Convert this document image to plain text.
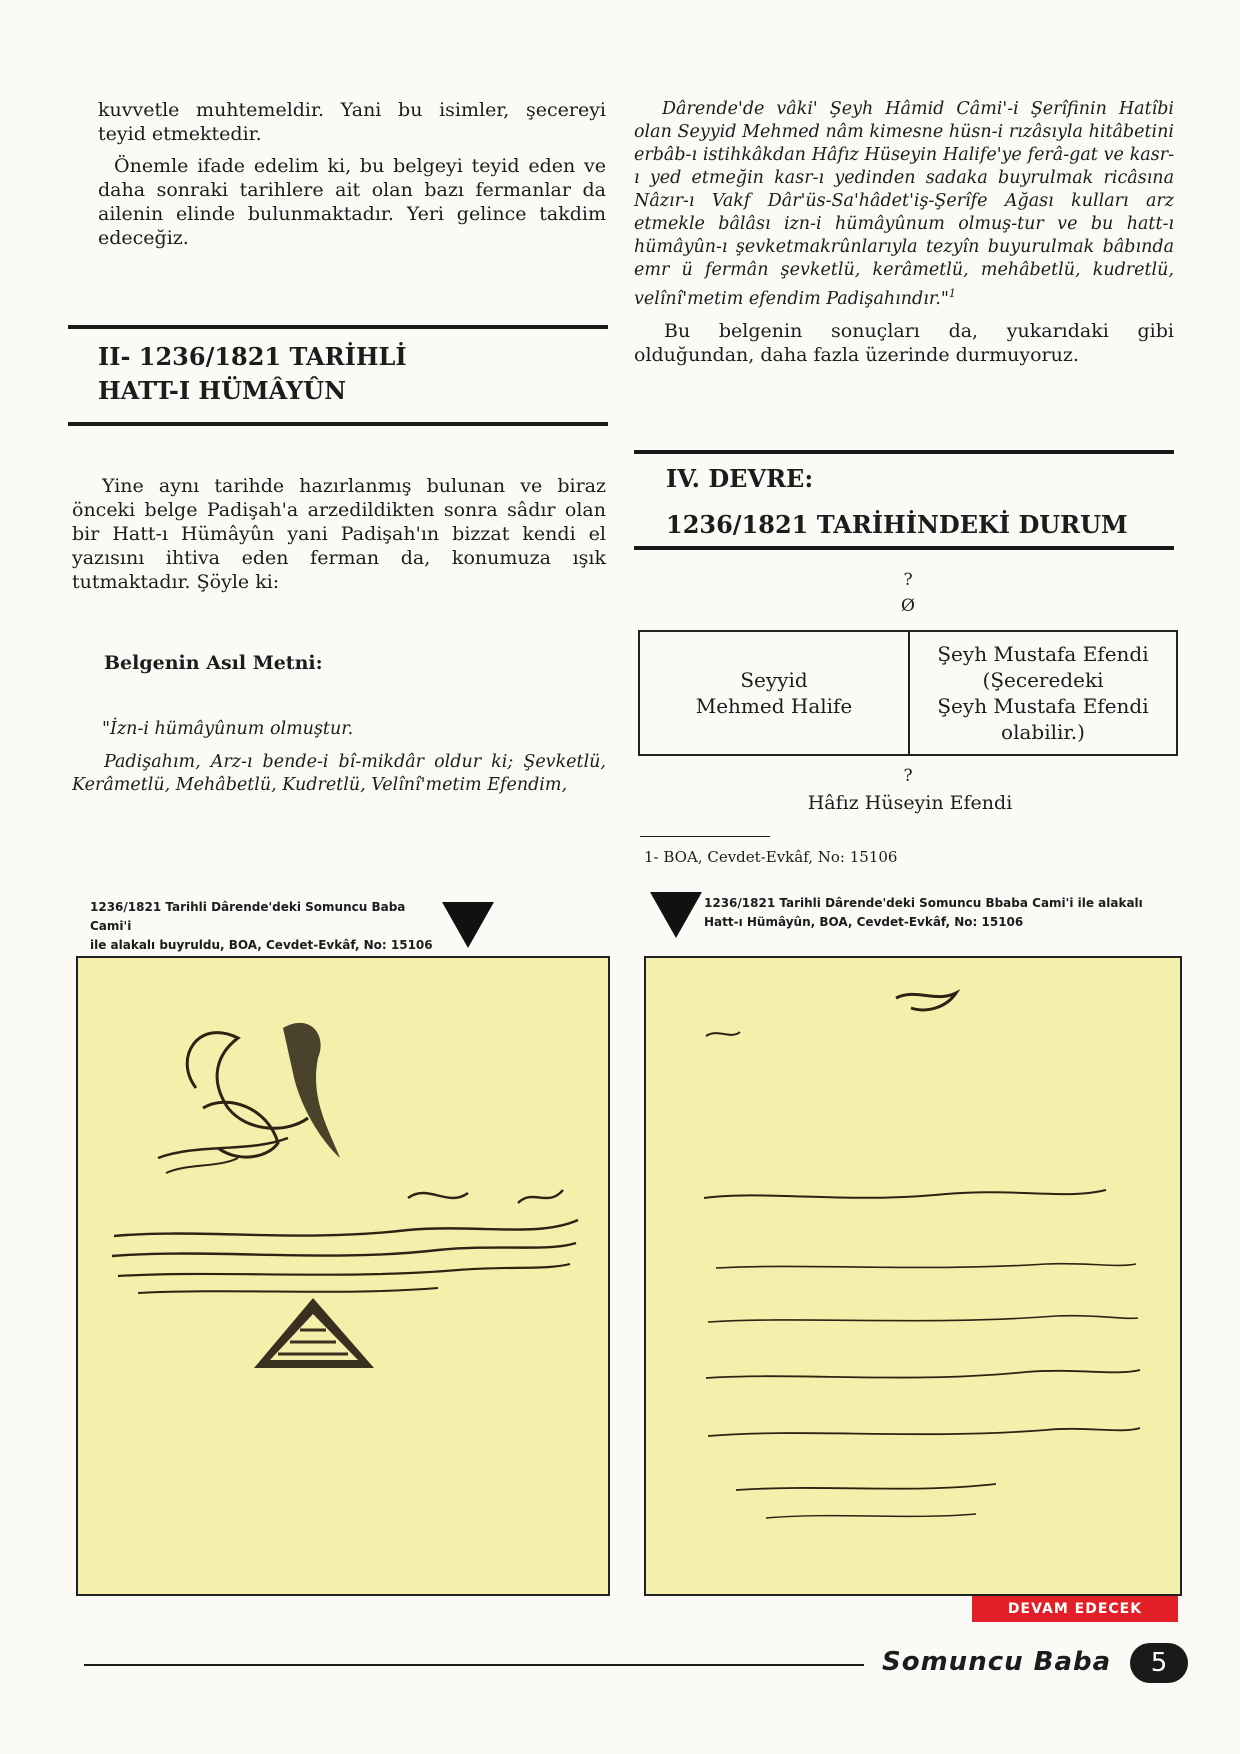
kuvvetle muhtemeldir. Yani bu isimler, şecereyi teyid etmektedir.

Önemle ifade edelim ki, bu belgeyi teyid eden ve daha sonraki tarihlere ait olan bazı fermanlar da ailenin elinde bulunmaktadır. Yeri gelince takdim edeceğiz.

II- 1236/1821 TARİHLİ

HATT-I HÜMÂYÛN

Yine aynı tarihde hazırlanmış bulunan ve biraz önceki belge Padişah'a arzedildikten sonra sâdır olan bir Hatt-ı Hümâyûn yani Padişah'ın bizzat kendi el yazısını ihtiva eden ferman da, konumuza ışık tutmaktadır. Şöyle ki:

Belgenin Asıl Metni:

"İzn-i hümâyûnum olmuştur.

Padişahım, Arz-ı bende-i bî-mikdâr oldur ki; Şevketlü, Kerâmetlü, Mehâbetlü, Kudretlü, Velînî'metim Efendim,

Dârende'de vâki' Şeyh Hâmid Câmi'-i Şerîfinin Hatîbi olan Seyyid Mehmed nâm kimesne hüsn-i rızâsıyla hitâbetini erbâb-ı istihkâkdan Hâfız Hüseyin Halife'ye ferâ-gat ve kasr-ı yed etmeğin kasr-ı yedinden sadaka buyrulmak ricâsına Nâzır-ı Vakf Dâr'üs-Sa'hâdet'iş-Şerîfe Ağası kulları arz etmekle bâlâsı izn-i hümâyûnum olmuş-tur ve bu hatt-ı hümâyûn-ı şevketmakrûnlarıyla tezyîn buyurulmak bâbında emr ü fermân şevketlü, kerâmetlü, mehâbetlü, kudretlü, velînî'metim efendim Padişahındır."$^1$

Bu belgenin sonuçları da, yukarıdaki gibi olduğundan, daha fazla üzerinde durmuyoruz.

IV. DEVRE:

1236/1821 TARİHİNDEKİ DURUM

?
Ø
Seyyid
Mehmed Halife

Şeyh Mustafa Efendi
(Şeceredeki
Şeyh Mustafa Efendi
olabilir.)
?
Hâfız Hüseyin Efendi
1- BOA, Cevdet-Evkâf, No: 15106
1236/1821 Tarihli Dârende'deki Somuncu Baba Cami'i
ile alakalı buyruldu, BOA, Cevdet-Evkâf, No: 15106
1236/1821 Tarihli Dârende'deki Somuncu Bbaba Cami'i ile alakalı
Hatt-ı Hümâyûn, BOA, Cevdet-Evkâf, No: 15106
DEVAM EDECEK
Somuncu Baba	5
